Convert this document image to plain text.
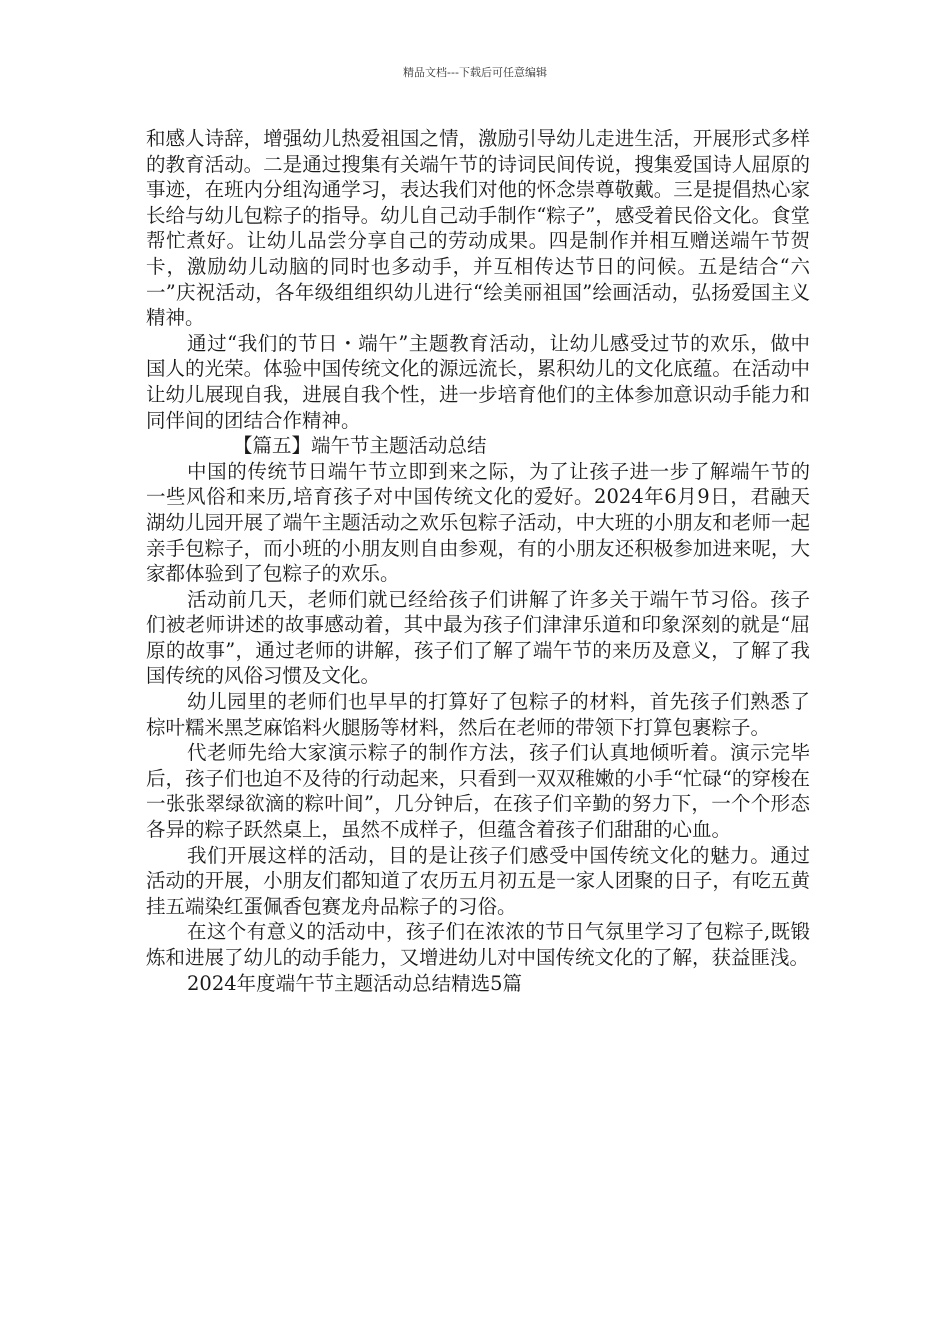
精品文档---下载后可任意编辑

和感人诗辞，增强幼儿热爱祖国之情，激励引导幼儿走进生活，开展形式多样的教育活动。二是通过搜集有关端午节的诗词民间传说，搜集爱国诗人屈原的事迹，在班内分组沟通学习，表达我们对他的怀念崇尊敬戴。三是提倡热心家长给与幼儿包粽子的指导。幼儿自己动手制作“粽子”，感受着民俗文化。食堂帮忙煮好。让幼儿品尝分享自己的劳动成果。四是制作并相互赠送端午节贺卡，激励幼儿动脑的同时也多动手，并互相传达节日的问候。五是结合“六一”庆祝活动，各年级组组织幼儿进行“绘美丽祖国”绘画活动，弘扬爱国主义精神。

通过“我们的节日・端午”主题教育活动，让幼儿感受过节的欢乐，做中国人的光荣。体验中国传统文化的源远流长，累积幼儿的文化底蕴。在活动中让幼儿展现自我，进展自我个性，进一步培育他们的主体参加意识动手能力和同伴间的团结合作精神。

【篇五】端午节主题活动总结

中国的传统节日端午节立即到来之际，为了让孩子进一步了解端午节的一些风俗和来历,培育孩子对中国传统文化的爱好。2024年6月9日，君融天湖幼儿园开展了端午主题活动之欢乐包粽子活动，中大班的小朋友和老师一起亲手包粽子，而小班的小朋友则自由参观，有的小朋友还积极参加进来呢，大家都体验到了包粽子的欢乐。

活动前几天，老师们就已经给孩子们讲解了许多关于端午节习俗。孩子们被老师讲述的故事感动着，其中最为孩子们津津乐道和印象深刻的就是“屈原的故事”，通过老师的讲解，孩子们了解了端午节的来历及意义，了解了我国传统的风俗习惯及文化。

幼儿园里的老师们也早早的打算好了包粽子的材料，首先孩子们熟悉了棕叶糯米黑芝麻馅料火腿肠等材料，然后在老师的带领下打算包裹粽子。

代老师先给大家演示粽子的制作方法，孩子们认真地倾听着。演示完毕后，孩子们也迫不及待的行动起来，只看到一双双稚嫩的小手“忙碌“的穿梭在一张张翠绿欲滴的粽叶间”，几分钟后，在孩子们辛勤的努力下，一个个形态各异的粽子跃然桌上，虽然不成样子，但蕴含着孩子们甜甜的心血。

我们开展这样的活动，目的是让孩子们感受中国传统文化的魅力。通过活动的开展，小朋友们都知道了农历五月初五是一家人团聚的日子，有吃五黄挂五端染红蛋佩香包赛龙舟品粽子的习俗。

在这个有意义的活动中，孩子们在浓浓的节日气氛里学习了包粽子,既锻炼和进展了幼儿的动手能力，又增进幼儿对中国传统文化的了解，获益匪浅。

2024年度端午节主题活动总结精选5篇
